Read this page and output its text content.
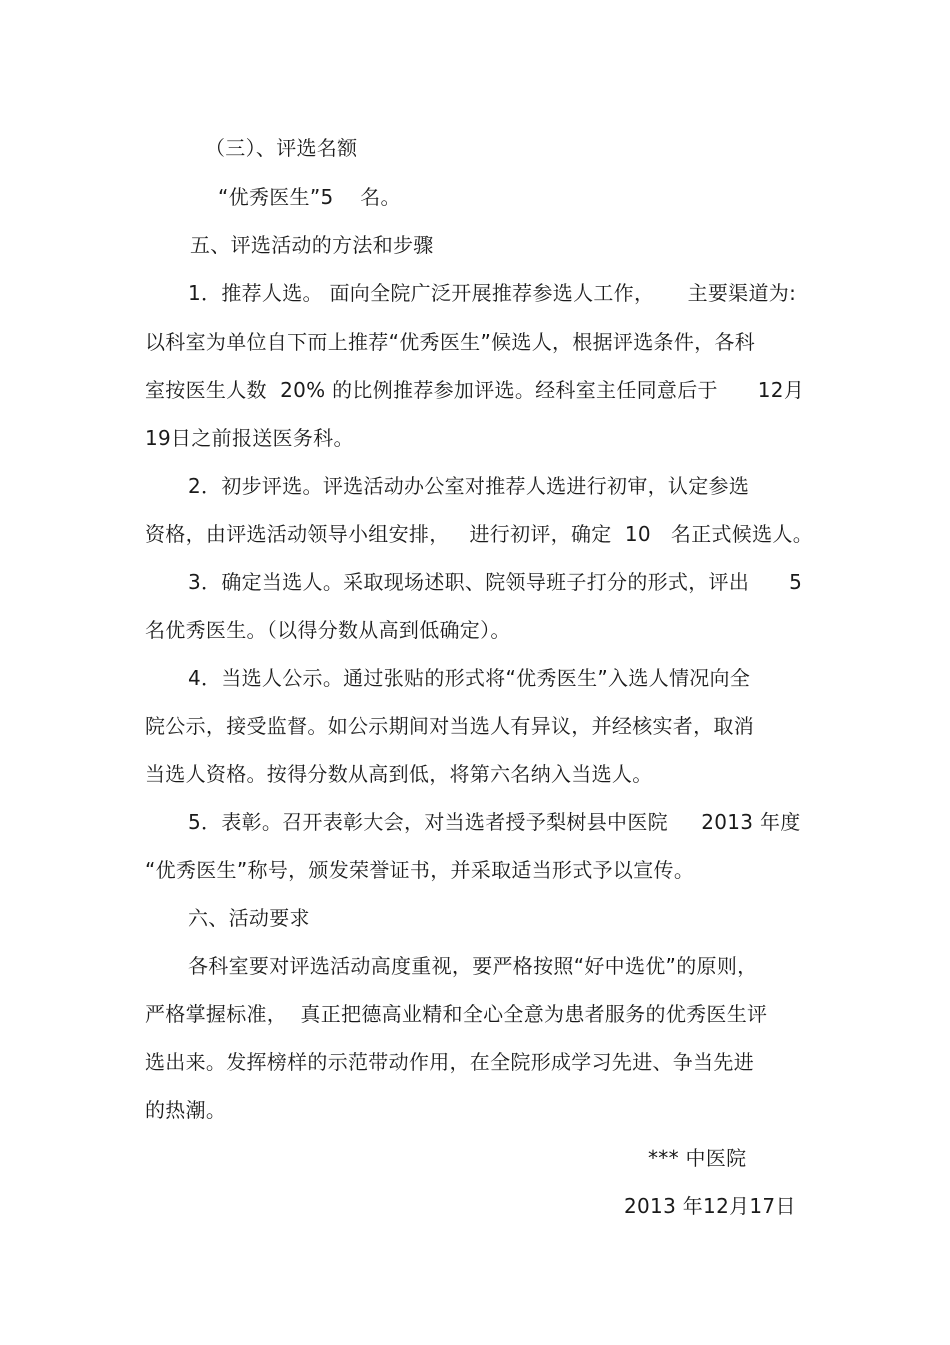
（三）、评选名额
“优秀医生”5    名。
五、评选活动的方法和步骤
1．推荐人选。 面向全院广泛开展推荐参选人工作，     主要渠道为:
以科室为单位自下而上推荐“优秀医生”候选人，根据评选条件，各科
室按医生人数  20% 的比例推荐参加评选。经科室主任同意后于      12月
19日之前报送医务科。
2．初步评选。评选活动办公室对推荐人选进行初审，认定参选
资格，由评选活动领导小组安排，   进行初评，确定  10   名正式候选人。
3．确定当选人。采取现场述职、院领导班子打分的形式，评出      5
名优秀医生。（以得分数从高到低确定）。
4．当选人公示。通过张贴的形式将“优秀医生”入选人情况向全
院公示，接受监督。如公示期间对当选人有异议，并经核实者，取消
当选人资格。按得分数从高到低，将第六名纳入当选人。
5．表彰。召开表彰大会，对当选者授予梨树县中医院     2013 年度
“优秀医生”称号，颁发荣誉证书，并采取适当形式予以宣传。
六、活动要求
各科室要对评选活动高度重视，要严格按照“好中选优”的原则，
严格掌握标准，  真正把德高业精和全心全意为患者服务的优秀医生评
选出来。发挥榜样的示范带动作用，在全院形成学习先进、争当先进
的热潮。
*** 中医院
2013 年12月17日
